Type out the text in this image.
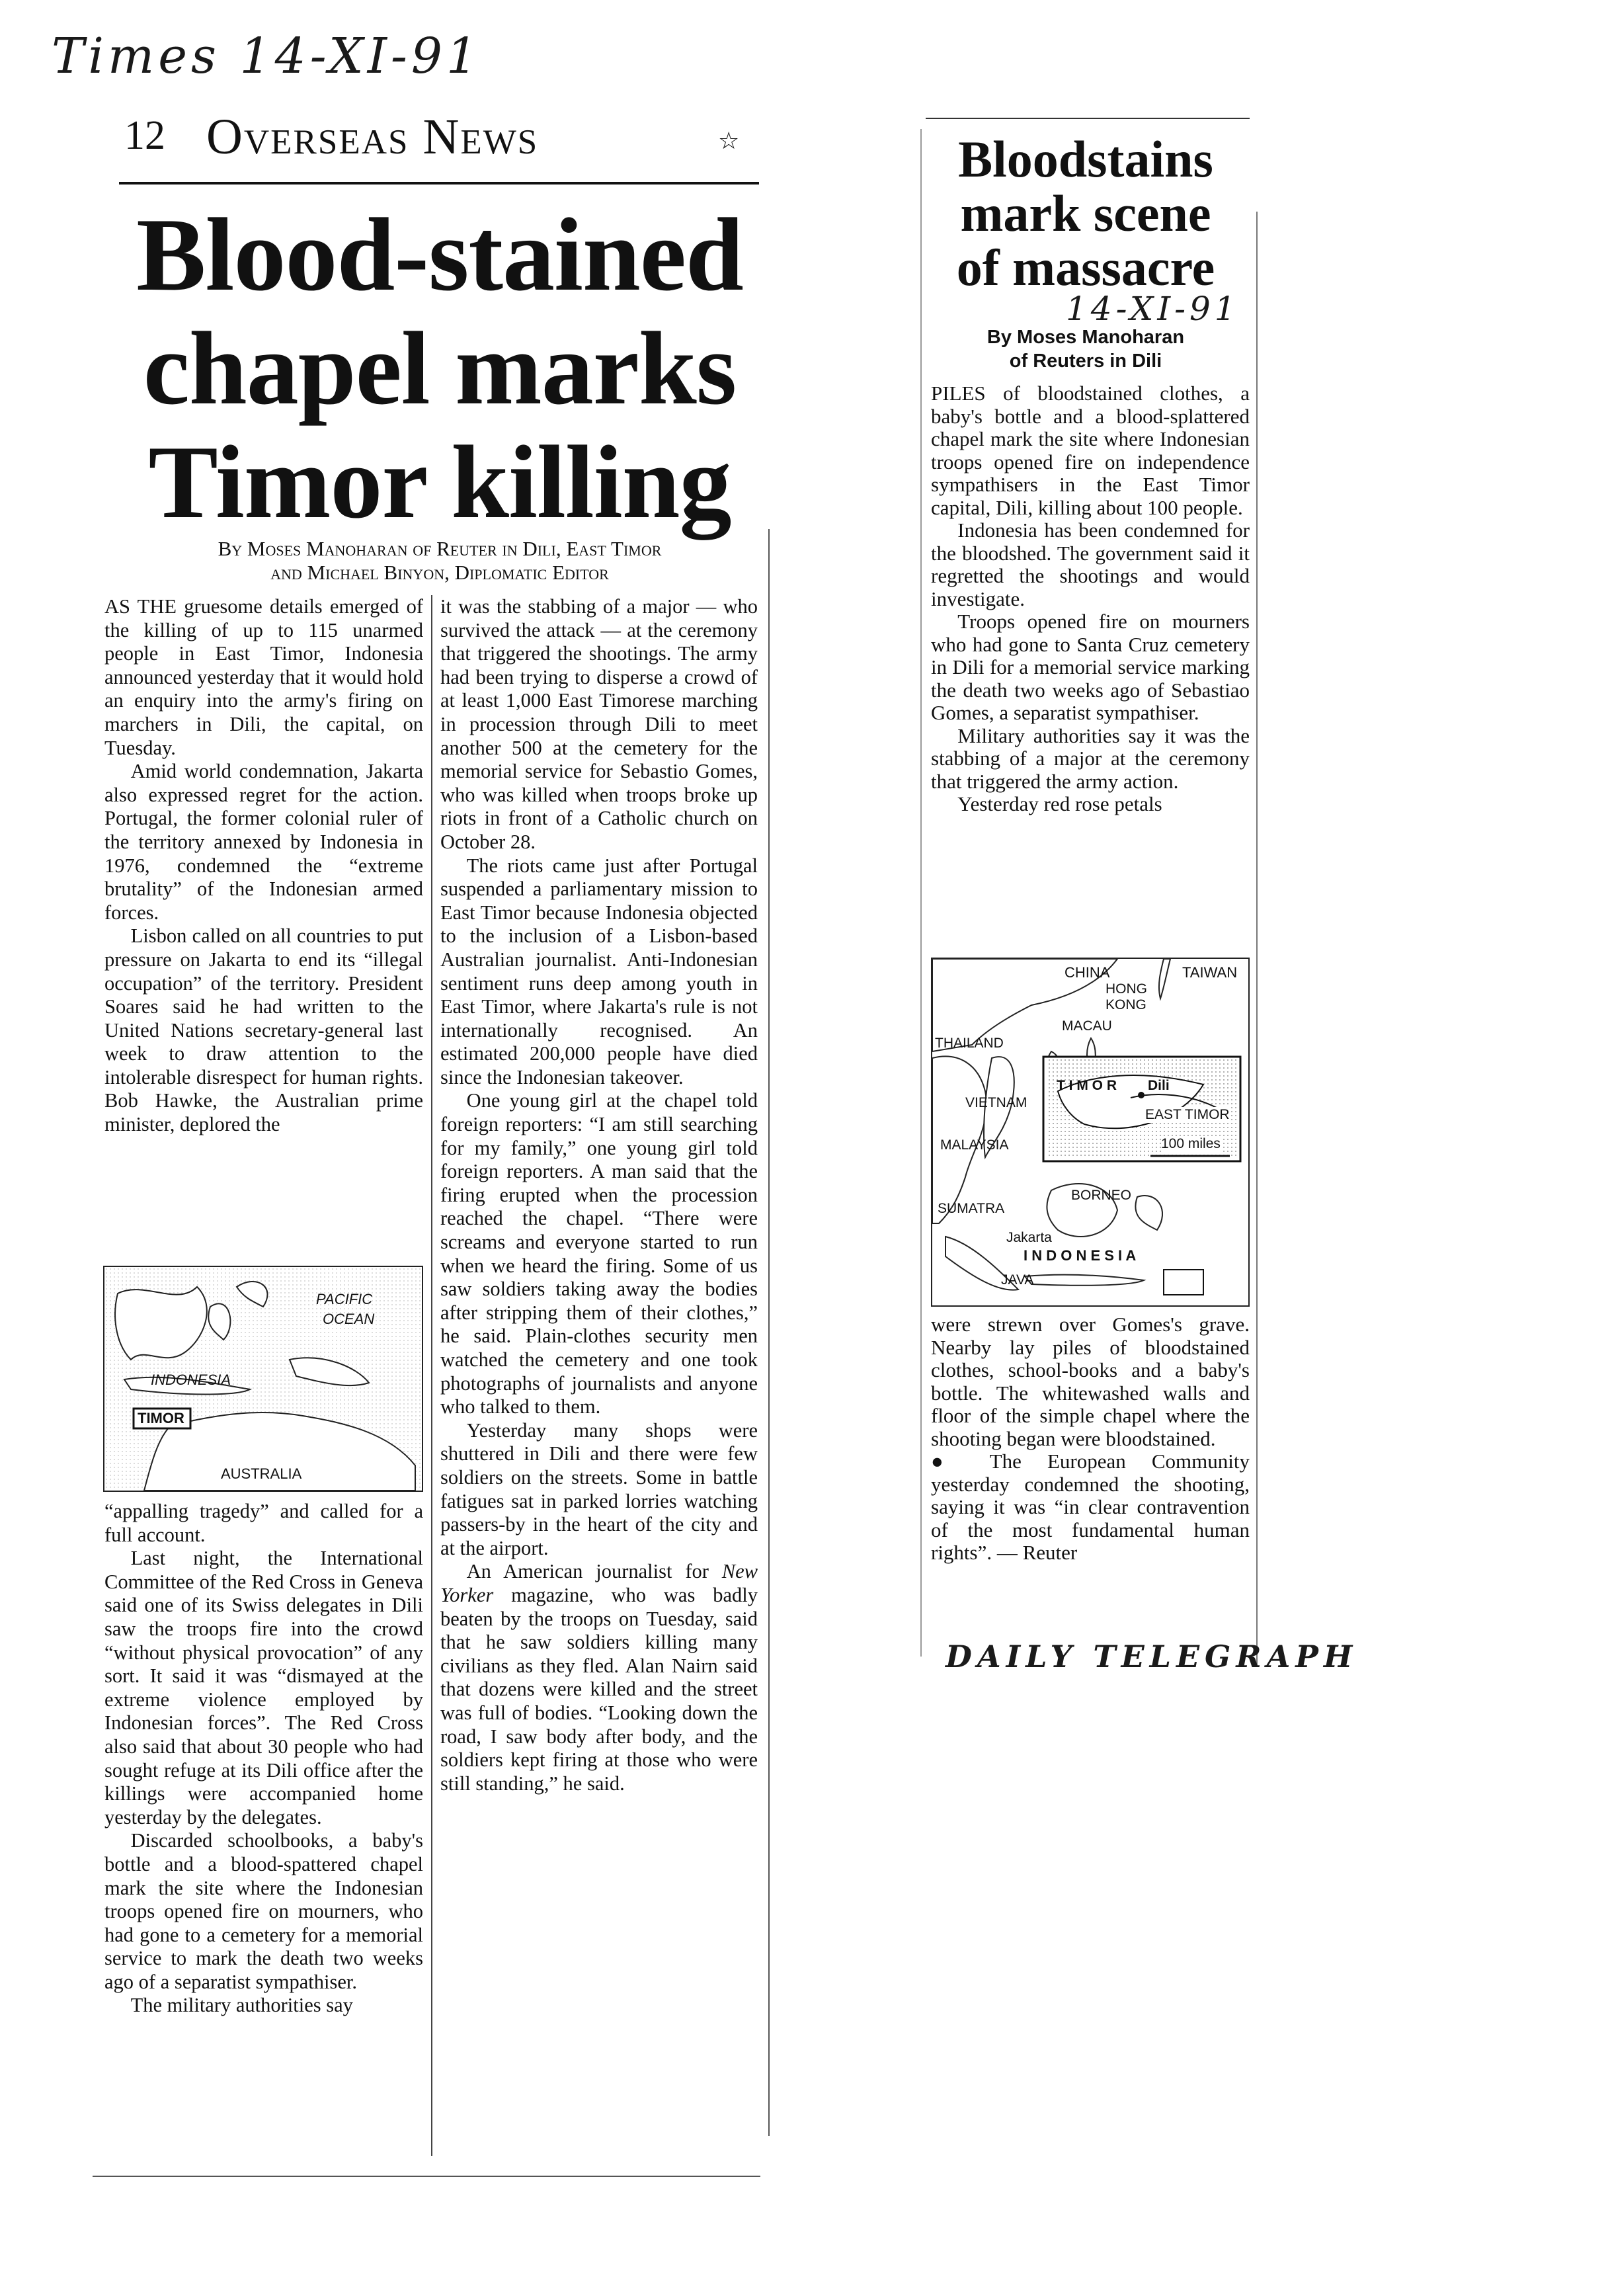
Times 14-XI-91
12 Overseas News	☆
Blood-stained
chapel marks
Timor killing
By Moses Manoharan of Reuter in Dili, East Timor
and Michael Binyon, Diplomatic Editor

AS THE gruesome details emerged of the killing of up to 115 unarmed people in East Timor, Indonesia announced yesterday that it would hold an enquiry into the army's firing on marchers in Dili, the capital, on Tuesday.

Amid world condemnation, Jakarta also expressed regret for the action. Portugal, the former colonial ruler of the territory annexed by Indonesia in 1976, condemned the “extreme brutality” of the Indonesian armed forces.

Lisbon called on all countries to put pressure on Jakarta to end its “illegal occupation” of the territory. President Soares said he had written to the United Nations secretary-general last week to draw attention to the intolerable disrespect for human rights. Bob Hawke, the Australian prime minister, deplored the

PACIFIC
OCEAN
INDONESIA
TIMOR
AUSTRALIA

“appalling tragedy” and called for a full account.

Last night, the International Committee of the Red Cross in Geneva said one of its Swiss delegates in Dili saw the troops fire into the crowd “without physical provocation” of any sort. It said it was “dismayed at the extreme violence employed by Indonesian forces”. The Red Cross also said that about 30 people who had sought refuge at its Dili office after the killings were accompanied home yesterday by the delegates.

Discarded schoolbooks, a baby's bottle and a blood-spattered chapel mark the site where the Indonesian troops opened fire on mourners, who had gone to a cemetery for a memorial service to mark the death two weeks ago of a separatist sympathiser.

The military authorities say

it was the stabbing of a major — who survived the attack — at the ceremony that triggered the shootings. The army had been trying to disperse a crowd of at least 1,000 East Timorese marching in procession through Dili to meet another 500 at the cemetery for the memorial service for Sebastio Gomes, who was killed when troops broke up riots in front of a Catholic church on October 28.

The riots came just after Portugal suspended a parliamentary mission to East Timor because Indonesia objected to the inclusion of a Lisbon-based Australian journalist. Anti-Indonesian sentiment runs deep among youth in East Timor, where Jakarta's rule is not internationally recognised. An estimated 200,000 people have died since the Indonesian takeover.

One young girl at the chapel told foreign reporters: “I am still searching for my family,” one young girl told foreign reporters. A man said that the firing erupted when the procession reached the chapel. “There were screams and everyone started to run when we heard the firing. Some of us saw soldiers taking away the bodies after stripping them of their clothes,” he said. Plain-clothes security men watched the cemetery and one took photographs of journalists and anyone who talked to them.

Yesterday many shops were shuttered in Dili and there were few soldiers on the streets. Some in battle fatigues sat in parked lorries watching passers-by in the heart of the city and at the airport.

An American journalist for New Yorker magazine, who was badly beaten by the troops on Tuesday, said that he saw soldiers killing many civilians as they fled. Alan Nairn said that dozens were killed and the street was full of bodies. “Looking down the road, I saw body after body, and the soldiers kept firing at those who were still standing,” he said.

Bloodstains
mark scene
of massacre
14-XI-91
By Moses Manoharan
of Reuters in Dili

PILES of bloodstained clothes, a baby's bottle and a blood-splattered chapel mark the site where Indonesian troops opened fire on independence sympathisers in the East Timor capital, Dili, killing about 100 people.

Indonesia has been condemned for the bloodshed. The government said it regretted the shootings and would investigate.

Troops opened fire on mourners who had gone to Santa Cruz cemetery in Dili for a memorial service marking the death two weeks ago of Sebastiao Gomes, a separatist sympathiser.

Military authorities say it was the stabbing of a major at the ceremony that triggered the army action.

Yesterday red rose petals

CHINA	TAIWAN
HONG
KONG
MACAU
THAILAND
VIETNAM
T I M O R Dili
EAST TIMOR
100 miles
MALAYSIA
BORNEO
SUMATRA
Jakarta
I N D O N E S I A
JAVA

were strewn over Gomes's grave. Nearby lay piles of bloodstained clothes, school-books and a baby's bottle. The whitewashed walls and floor of the simple chapel where the shooting began were bloodstained.

● The European Community yesterday condemned the shooting, saying it was “in clear contravention of the most fundamental human rights”. — Reuter

DAILY TELEGRAPH
